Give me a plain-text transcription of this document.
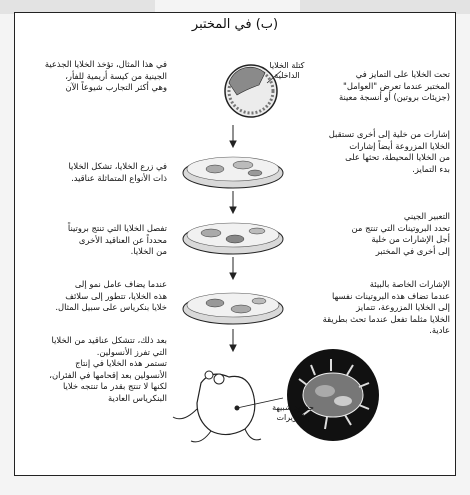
(ب) في المختبر
كتلة الخلايا
الداخلية
في هذا المثال، تؤخذ الخلايا الجذعية
الجينية من كيسة أريمية للفأر،
وهي أكثر التجارب شيوعاً الآن
في زرع الخلايا، تشكل الخلايا
ذات الأنواع المتماثلة عناقيد.
تفصل الخلايا التي تنتج بروتيناً
محدداً عن العناقيد الأخرى
من الخلايا.
عندما يضاف عامل نمو إلى
هذه الخلايا، تتطور إلى سلائف
خلايا بنكرياس على سبيل المثال.
بعد ذلك، تتشكل عناقيد من الخلايا
التي تفرز الأنسولين.
تستمر هذه الخلايا في إنتاج
الأنسولين بعد إقحامها في الفئران،
لكنها لا تنتج بقدر ما تنتجه خلايا
البنكرياس العادية
تحت الخلايا على التمايز في
المختبر عندما تعرض "العوامل"
(جزيئات بروتين) أو أنسجة معينة
إشارات من خلية إلى أخرى تستقبل
الخلايا المزروعة أيضاً إشارات
من الخلايا المحيطة، تحثها على
بدء التمايز.
التعبير الجيني
تحدد البروتينات التي تنتج من
أجل الإشارات من خلية
إلى أخرى في المختبر
الإشارات الخاصة بالبيئة
عندما تضاف هذه البروتينات نفسها
إلى الخلايا المزروعة، تتمايز
الخلايا مثلما تفعل عندما تحث بطريقة عادية.
حشود شبيهة
بالجزيرات
